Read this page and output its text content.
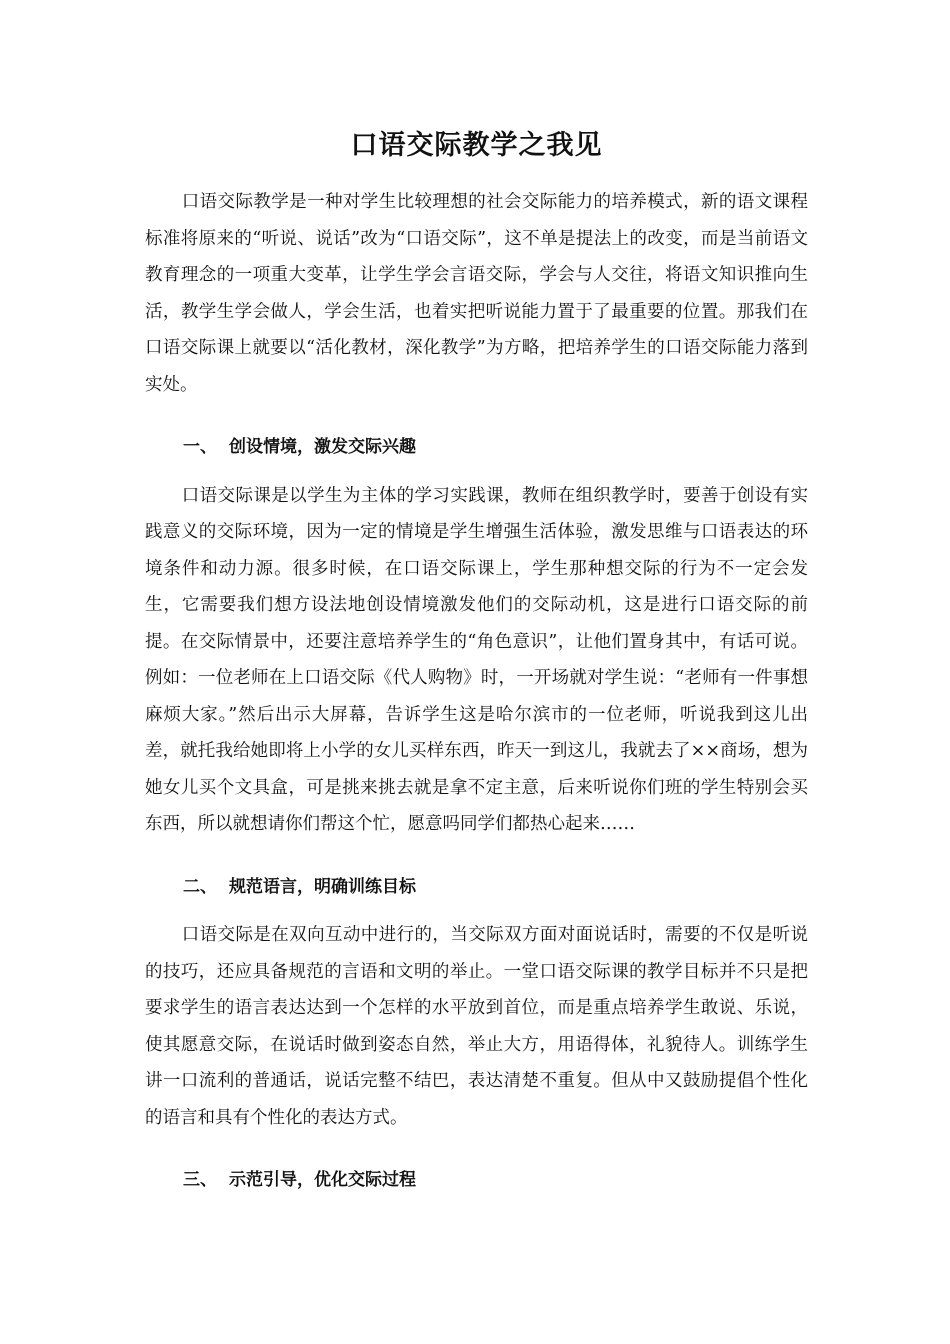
口语交际教学之我见

口语交际教学是一种对学生比较理想的社会交际能力的培养模式，新的语文课程标准将原来的“听说、说话”改为“口语交际”，这不单是提法上的改变，而是当前语文教育理念的一项重大变革，让学生学会言语交际，学会与人交往，将语文知识推向生活，教学生学会做人，学会生活，也着实把听说能力置于了最重要的位置。那我们在口语交际课上就要以“活化教材，深化教学”为方略，把培养学生的口语交际能力落到实处。

一、 创设情境，激发交际兴趣

口语交际课是以学生为主体的学习实践课，教师在组织教学时，要善于创设有实践意义的交际环境，因为一定的情境是学生增强生活体验，激发思维与口语表达的环境条件和动力源。很多时候，在口语交际课上，学生那种想交际的行为不一定会发生，它需要我们想方设法地创设情境激发他们的交际动机，这是进行口语交际的前提。在交际情景中，还要注意培养学生的“角色意识”，让他们置身其中，有话可说。例如：一位老师在上口语交际《代人购物》时，一开场就对学生说：“老师有一件事想麻烦大家。”然后出示大屏幕，告诉学生这是哈尔滨市的一位老师，听说我到这儿出差，就托我给她即将上小学的女儿买样东西，昨天一到这儿，我就去了××商场，想为她女儿买个文具盒，可是挑来挑去就是拿不定主意，后来听说你们班的学生特别会买东西，所以就想请你们帮这个忙，愿意吗同学们都热心起来……

二、 规范语言，明确训练目标

口语交际是在双向互动中进行的，当交际双方面对面说话时，需要的不仅是听说的技巧，还应具备规范的言语和文明的举止。一堂口语交际课的教学目标并不只是把要求学生的语言表达达到一个怎样的水平放到首位，而是重点培养学生敢说、乐说，使其愿意交际，在说话时做到姿态自然，举止大方，用语得体，礼貌待人。训练学生讲一口流利的普通话，说话完整不结巴，表达清楚不重复。但从中又鼓励提倡个性化的语言和具有个性化的表达方式。

三、 示范引导，优化交际过程
